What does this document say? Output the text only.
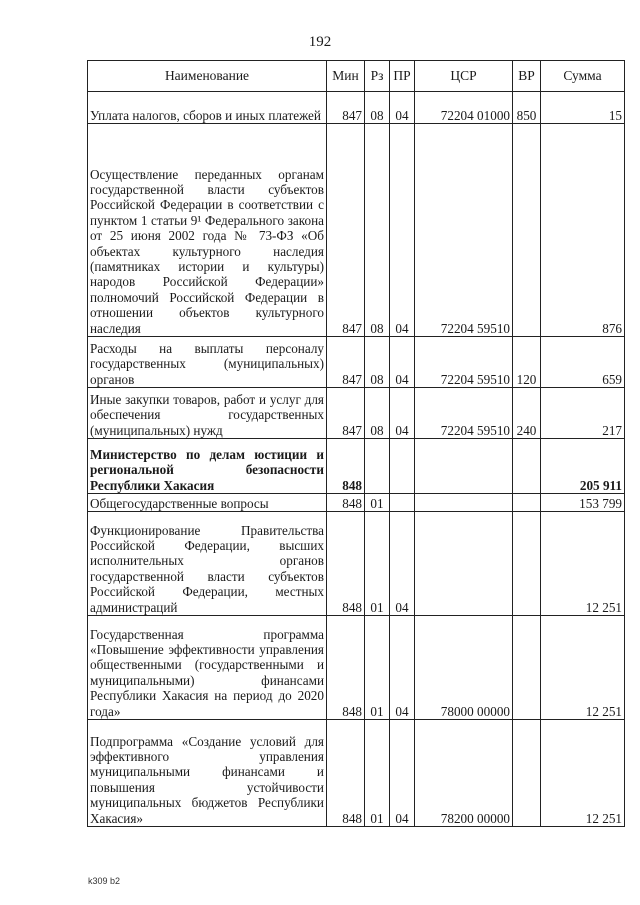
192
Наименование	Мин	Рз	ПР	ЦСР	ВР	Сумма
Уплата налогов, сборов и иных платежей	847	08	04	72204 01000	850	15
Осуществление переданных органам государственной власти субъектов Российской Федерации в соответствии с пунктом 1 статьи 9¹ Федерального закона от 25 июня 2002 года № 73-ФЗ «Об объектах культурного наследия (памятниках истории и культуры) народов Российской Федерации» полномочий Российской Федерации в отношении объектов культурного наследия	847	08	04	72204 59510		876
Расходы на выплаты персоналу государственных (муниципальных) органов	847	08	04	72204 59510	120	659
Иные закупки товаров, работ и услуг для обеспечения государственных (муниципальных) нужд	847	08	04	72204 59510	240	217
Министерство по делам юстиции и региональной безопасности Республики Хакасия	848					205 911
Общегосударственные вопросы	848	01				153 799
Функционирование Правительства Российской Федерации, высших исполнительных органов государственной власти субъектов Российской Федерации, местных администраций	848	01	04			12 251
Государственная программа «Повышение эффективности управления общественными (государственными и муниципальными) финансами Республики Хакасия на период до 2020 года»	848	01	04	78000 00000		12 251
Подпрограмма «Создание условий для эффективного управления муниципальными финансами и повышения устойчивости муниципальных бюджетов Республики Хакасия»	848	01	04	78200 00000		12 251
k309 b2
